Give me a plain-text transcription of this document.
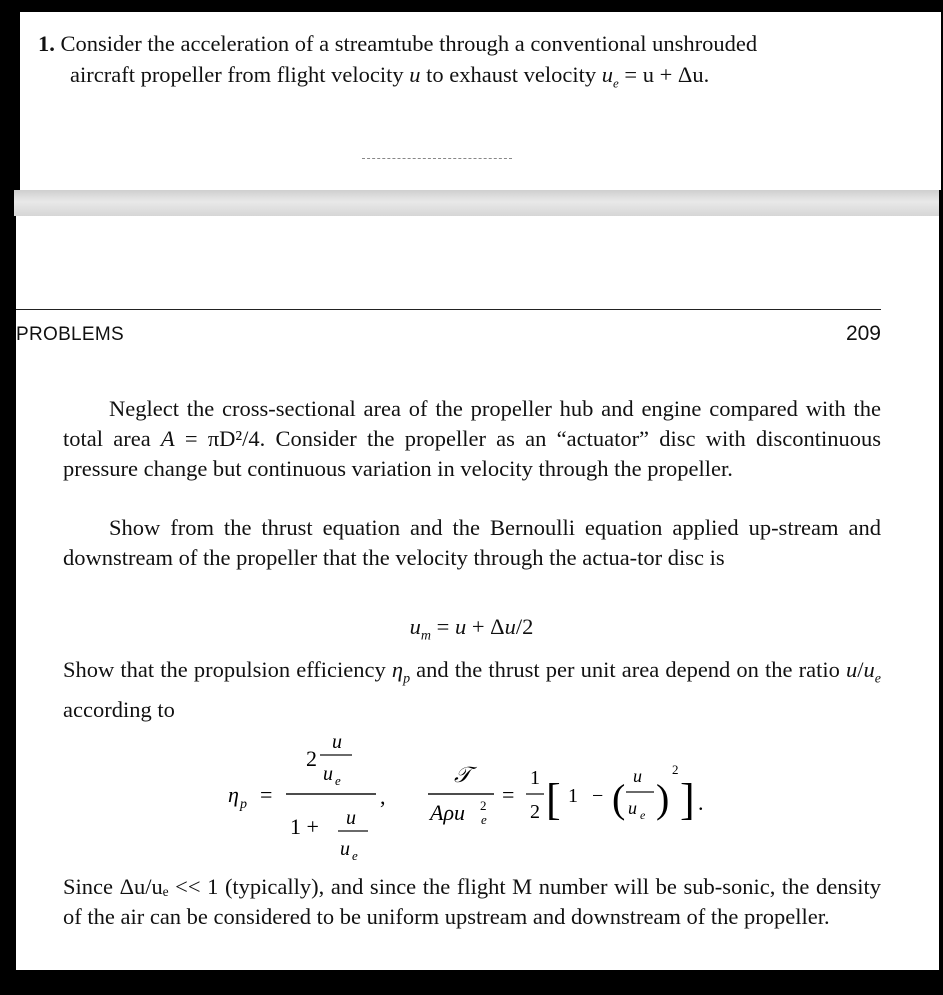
1. Consider the acceleration of a streamtube through a conventional unshrouded
aircraft propeller from flight velocity u to exhaust velocity $u_e = u + \Delta u$.
PROBLEMS	209
Neglect the cross-sectional area of the propeller hub and engine compared with the total area A = πD²/4. Consider the propeller as an “actuator” disc with discontinuous pressure change but continuous variation in velocity through the propeller.
Show from the thrust equation and the Bernoulli equation applied up-stream and downstream of the propeller that the velocity through the actua-tor disc is
$u_m = u + \Delta u/2$
Show that the propulsion efficiency $\eta_p$ and the thrust per unit area depend on the ratio $u/u_e$ according to
η p =
2
u
u e
1 + u
u e
,
𝒯
Aρu 2
e
=
1
2 [ 1 − ( u
u e )
2
] .
Since Δu/uₑ << 1 (typically), and since the flight M number will be sub-sonic, the density of the air can be considered to be uniform upstream and downstream of the propeller.
